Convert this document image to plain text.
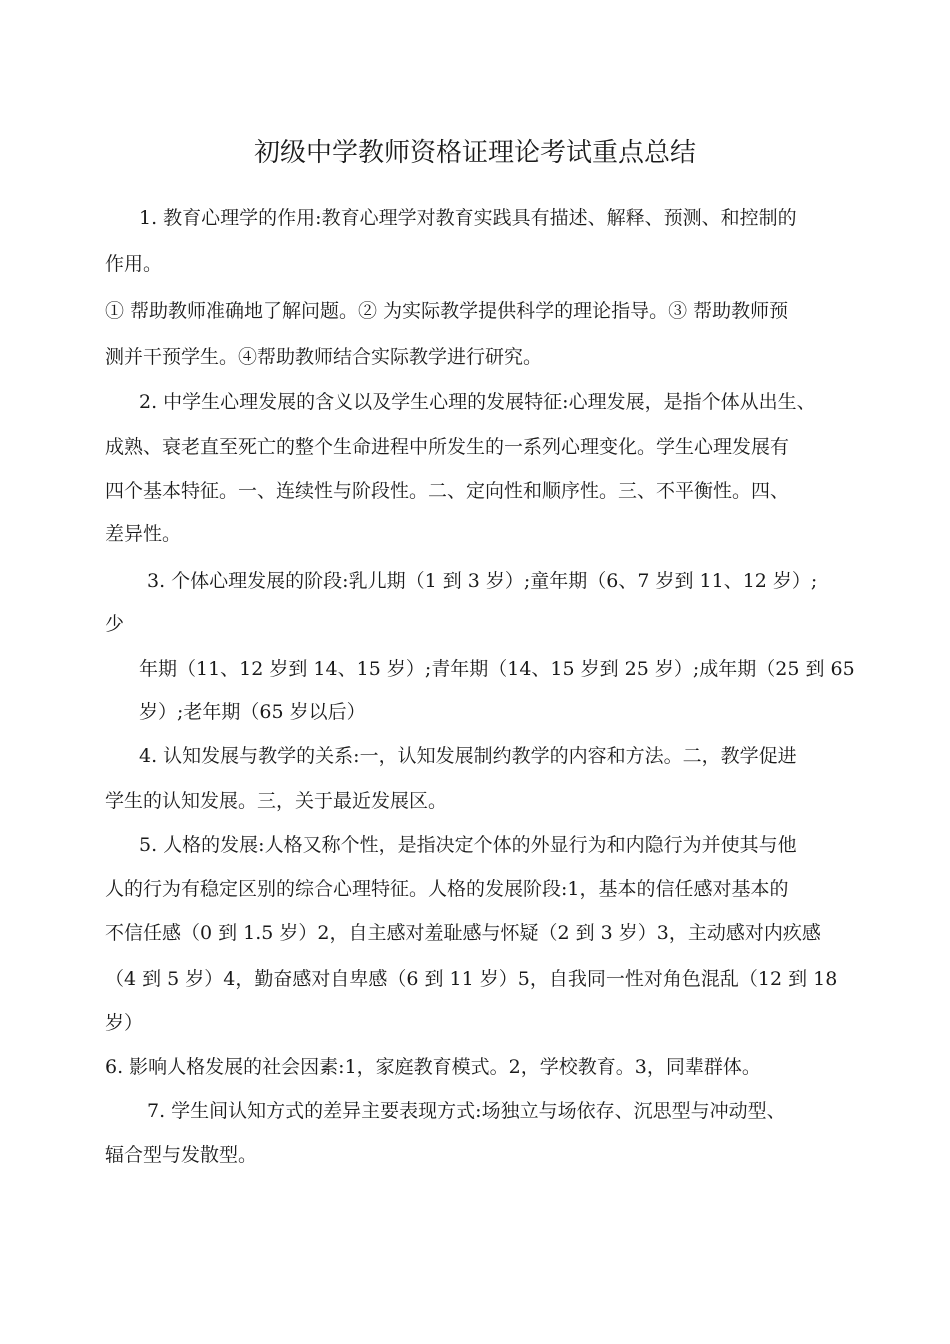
初级中学教师资格证理论考试重点总结
1. 教育心理学的作用:教育心理学对教育实践具有描述、解释、预测、和控制的
作用。
① 帮助教师准确地了解问题。② 为实际教学提供科学的理论指导。③ 帮助教师预
测并干预学生。④帮助教师结合实际教学进行研究。
2. 中学生心理发展的含义以及学生心理的发展特征:心理发展，是指个体从出生、
成熟、衰老直至死亡的整个生命进程中所发生的一系列心理变化。学生心理发展有
四个基本特征。一、连续性与阶段性。二、定向性和顺序性。三、不平衡性。四、
差异性。
3. 个体心理发展的阶段:乳儿期（1 到 3 岁）;童年期（6、7 岁到 11、12 岁）;
少
年期（11、12 岁到 14、15 岁）;青年期（14、15 岁到 25 岁）;成年期（25 到 65
岁）;老年期（65 岁以后）
4. 认知发展与教学的关系:一，认知发展制约教学的内容和方法。二，教学促进
学生的认知发展。三，关于最近发展区。
5. 人格的发展:人格又称个性，是指决定个体的外显行为和内隐行为并使其与他
人的行为有稳定区别的综合心理特征。人格的发展阶段:1，基本的信任感对基本的
不信任感（0 到 1.5 岁）2，自主感对羞耻感与怀疑（2 到 3 岁）3，主动感对内疚感
（4 到 5 岁）4，勤奋感对自卑感（6 到 11 岁）5，自我同一性对角色混乱（12 到 18
岁）
6. 影响人格发展的社会因素:1，家庭教育模式。2，学校教育。3，同辈群体。
7. 学生间认知方式的差异主要表现方式:场独立与场依存、沉思型与冲动型、
辐合型与发散型。
